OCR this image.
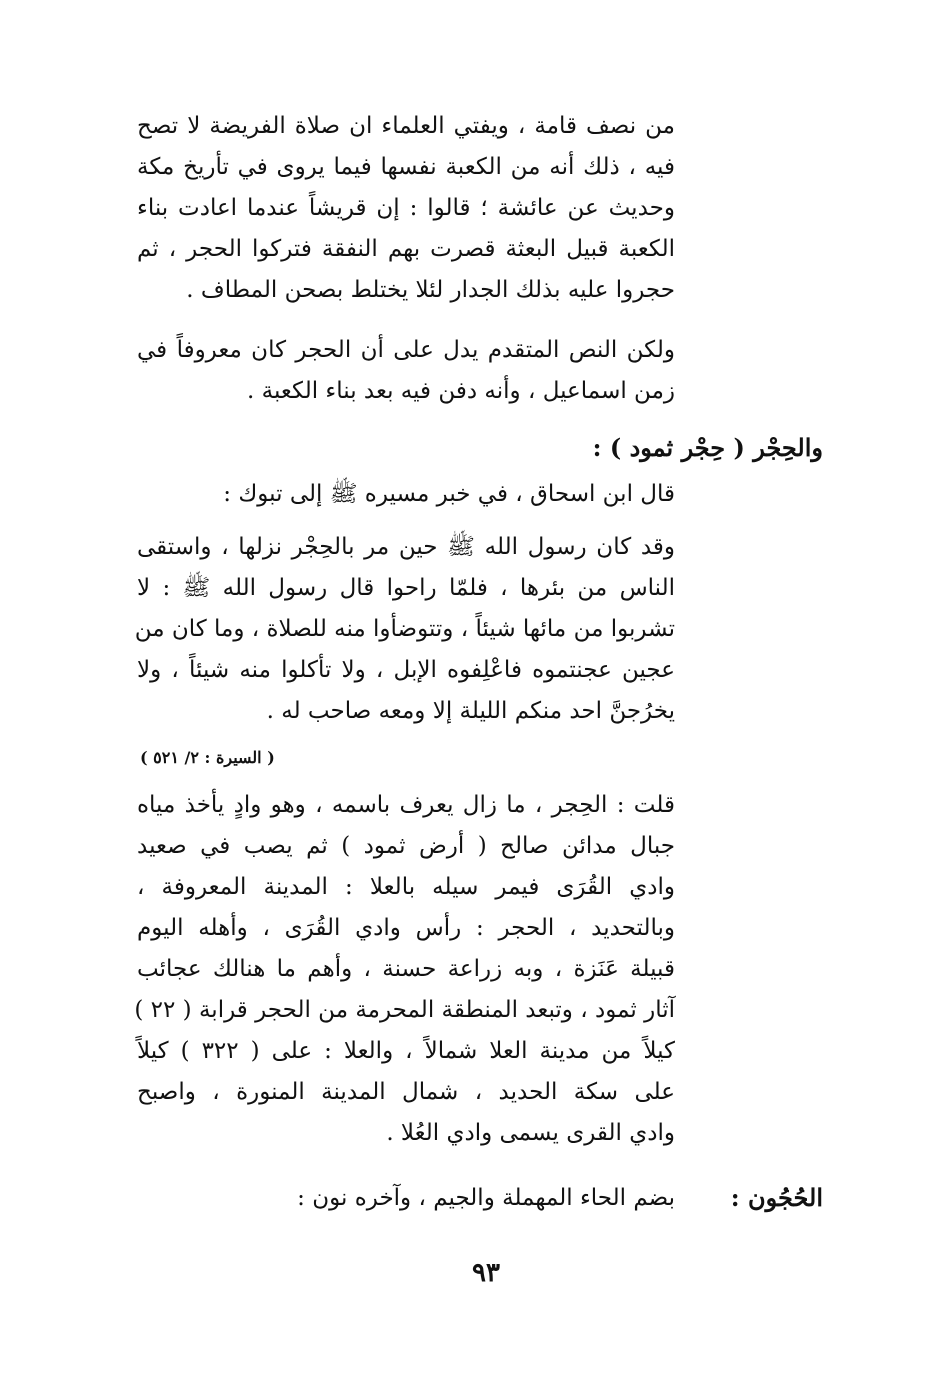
من نصف قامة ، ويفتي العلماء ان صلاة الفريضة لا تصح
فيه ، ذلك أنه من الكعبة نفسها فيما يروى في تأريخ مكة
وحديث عن عائشة ؛ قالوا : إن قريشاً عندما اعادت بناء
الكعبة قبيل البعثة قصرت بهم النفقة فتركوا الحجر ، ثم
حجروا عليه بذلك الجدار لئلا يختلط بصحن المطاف .
ولكن النص المتقدم يدل على أن الحجر كان معروفاً في
زمن اسماعيل ، وأنه دفن فيه بعد بناء الكعبة .
والحِجْر ( حِجْر ثمود ) :
قال ابن اسحاق ، في خبر مسيره ﷺ إلى تبوك :
وقد كان رسول الله ﷺ حين مر بالحِجْر نزلها ، واستقى
الناس من بئرها ، فلمّا راحوا قال رسول الله ﷺ : لا
تشربوا من مائها شيئاً ، وتتوضأوا منه للصلاة ، وما كان من
عجين عجنتموه فاعْلِفوه الإبل ، ولا تأكلوا منه شيئاً ، ولا
يخرُجنَّ احد منكم الليلة إلا ومعه صاحب له .
( السيرة : ٢/ ٥٢١ )
قلت : الحِجر ، ما زال يعرف باسمه ، وهو وادٍ يأخذ مياه
جبال مدائن صالح ( أرض ثمود ) ثم يصب في صعيد
وادي القُرَى فيمر سيله بالعلا : المدينة المعروفة ،
وبالتحديد ، الحجر : رأس وادي القُرَى ، وأهله اليوم
قبيلة عَنَزة ، وبه زراعة حسنة ، وأهم ما هنالك عجائب
آثار ثمود ، وتبعد المنطقة المحرمة من الحجر قرابة ( ٢٢ )
كيلاً من مدينة العلا شمالاً ، والعلا : على ( ٣٢٢ ) كيلاً
على سكة الحديد ، شمال المدينة المنورة ، واصبح
وادي القرى يسمى وادي العُلا .
الحُجُون :
بضم الحاء المهملة والجيم ، وآخره نون :
٩٣
